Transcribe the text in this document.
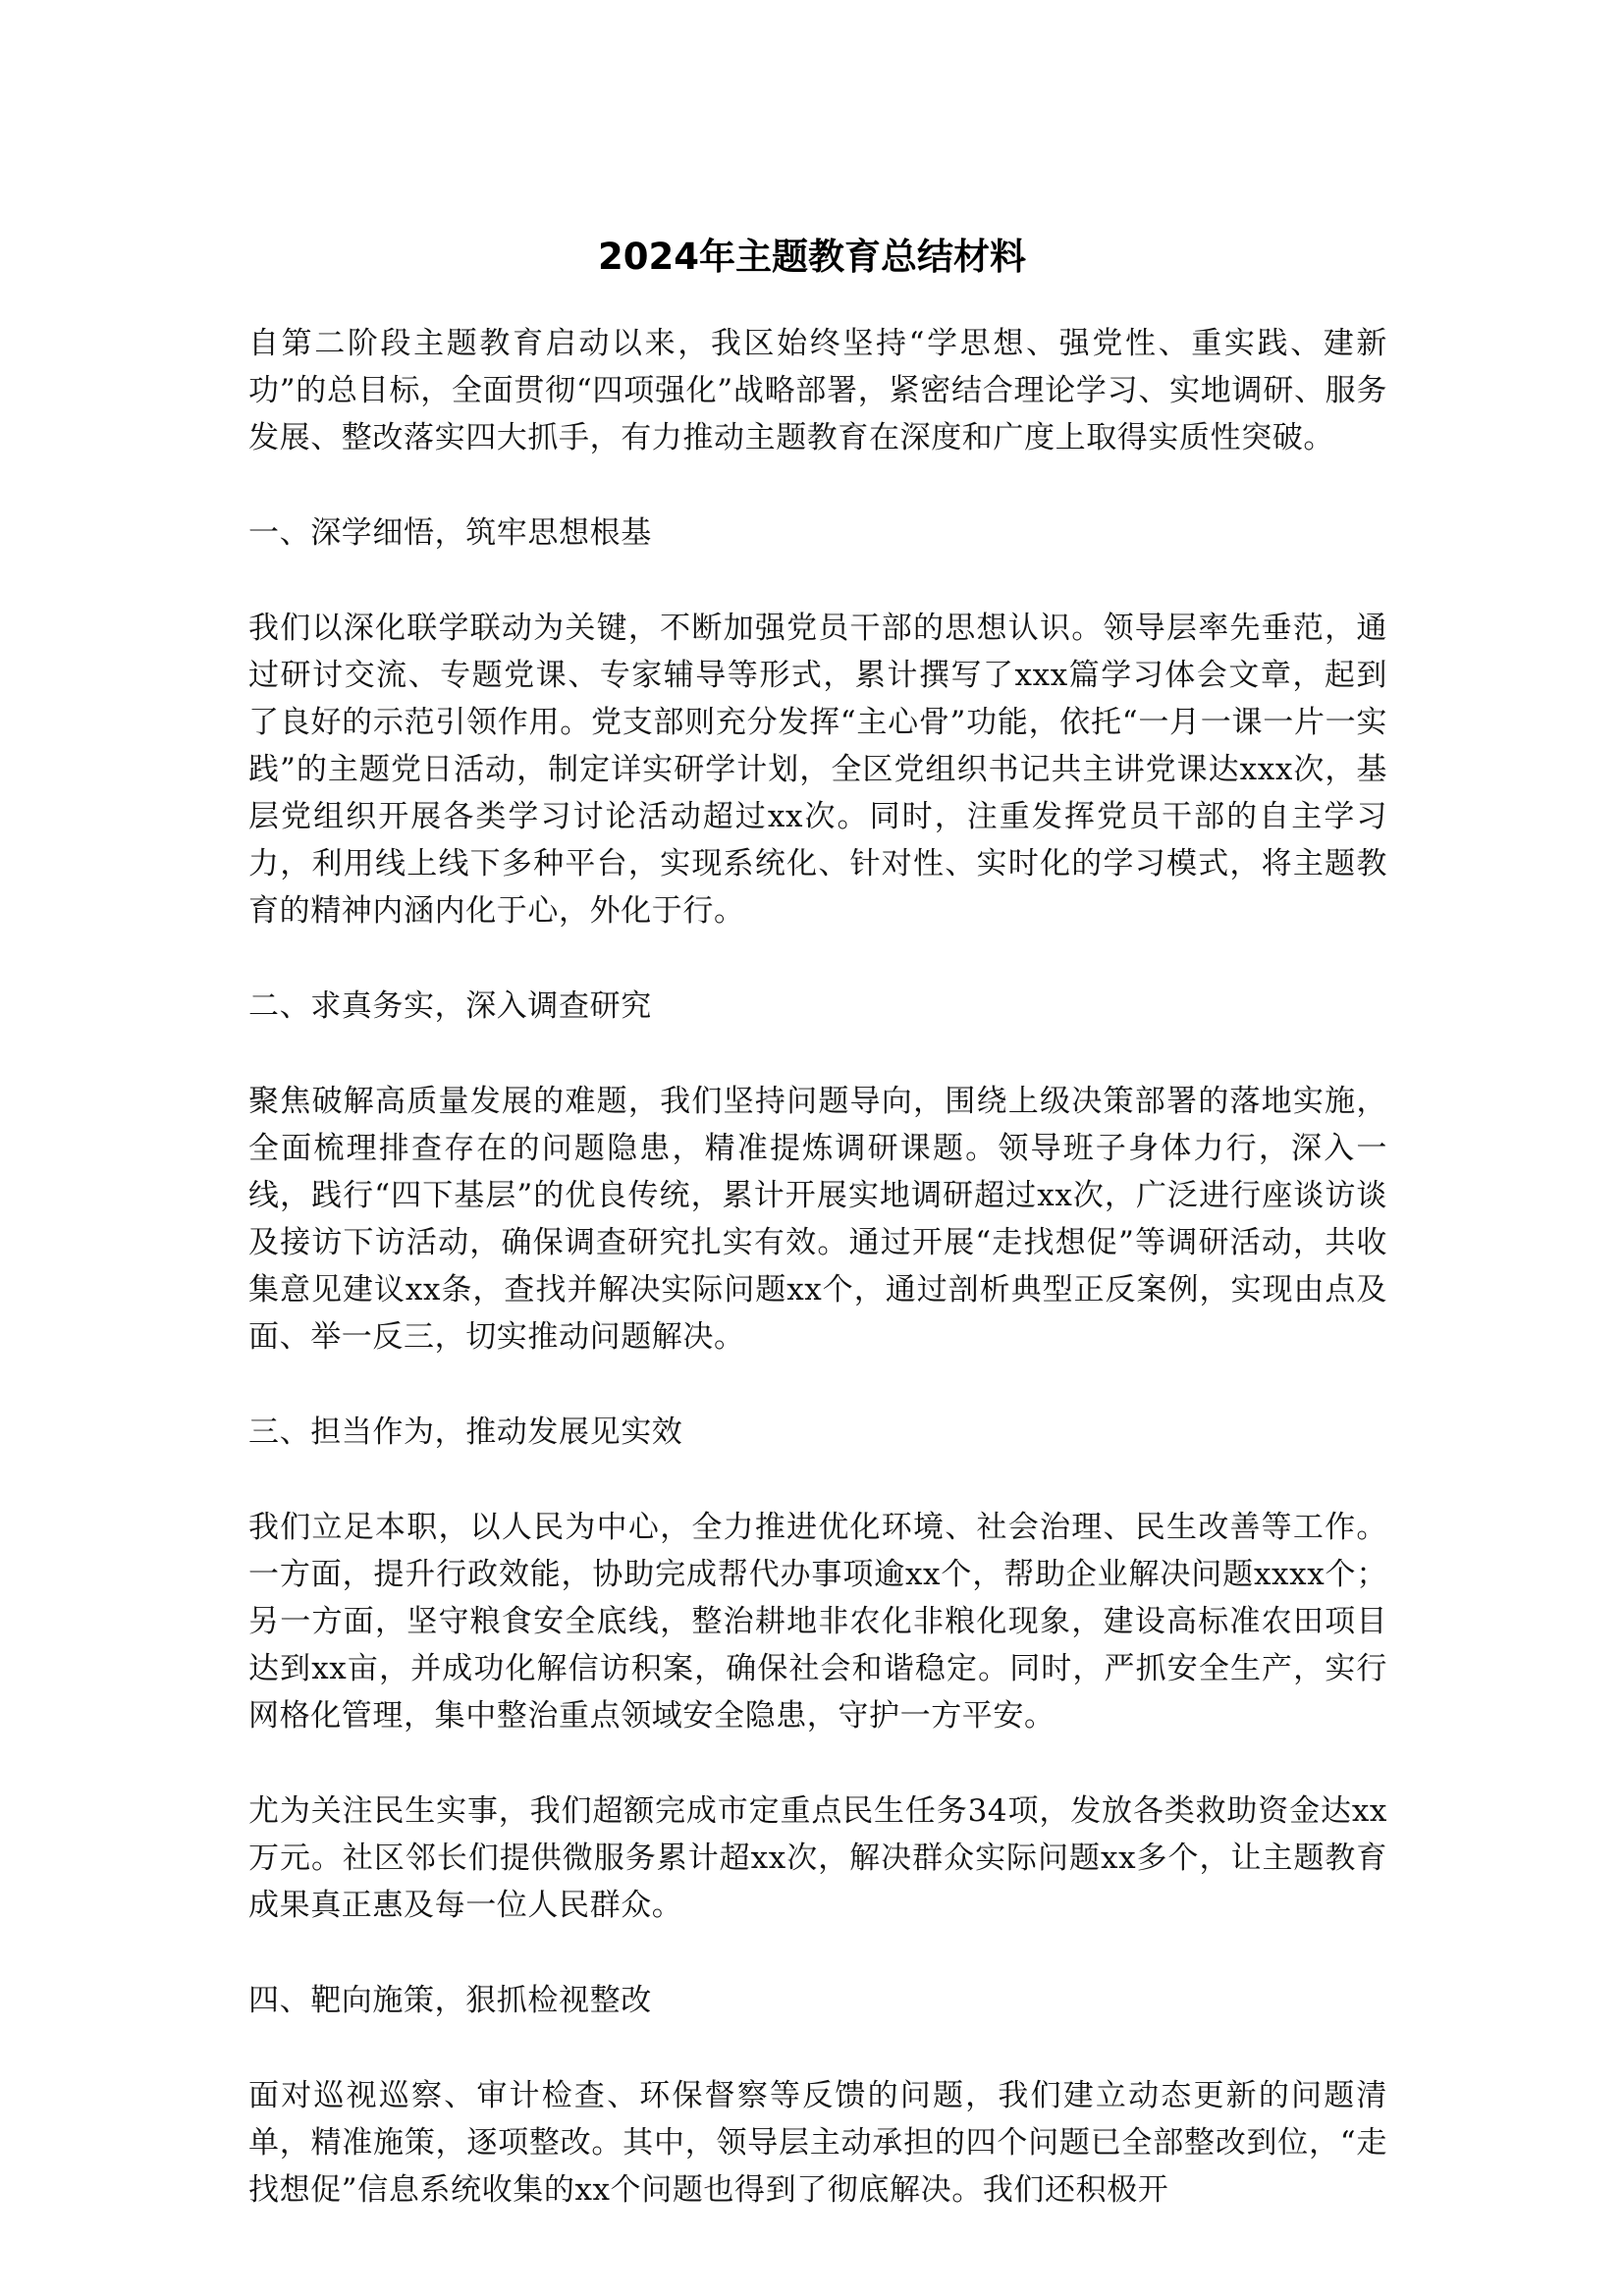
2024年主题教育总结材料

自第二阶段主题教育启动以来，我区始终坚持“学思想、强党性、重实践、建新功”的总目标，全面贯彻“四项强化”战略部署，紧密结合理论学习、实地调研、服务发展、整改落实四大抓手，有力推动主题教育在深度和广度上取得实质性突破。

一、深学细悟，筑牢思想根基

我们以深化联学联动为关键，不断加强党员干部的思想认识。领导层率先垂范，通过研讨交流、专题党课、专家辅导等形式，累计撰写了xxx篇学习体会文章，起到了良好的示范引领作用。党支部则充分发挥“主心骨”功能，依托“一月一课一片一实践”的主题党日活动，制定详实研学计划，全区党组织书记共主讲党课达xxx次，基层党组织开展各类学习讨论活动超过xx次。同时，注重发挥党员干部的自主学习力，利用线上线下多种平台，实现系统化、针对性、实时化的学习模式，将主题教育的精神内涵内化于心，外化于行。

二、求真务实，深入调查研究

聚焦破解高质量发展的难题，我们坚持问题导向，围绕上级决策部署的落地实施，全面梳理排查存在的问题隐患，精准提炼调研课题。领导班子身体力行，深入一线，践行“四下基层”的优良传统，累计开展实地调研超过xx次，广泛进行座谈访谈及接访下访活动，确保调查研究扎实有效。通过开展“走找想促”等调研活动，共收集意见建议xx条，查找并解决实际问题xx个，通过剖析典型正反案例，实现由点及面、举一反三，切实推动问题解决。

三、担当作为，推动发展见实效

我们立足本职，以人民为中心，全力推进优化环境、社会治理、民生改善等工作。一方面，提升行政效能，协助完成帮代办事项逾xx个，帮助企业解决问题xxxx个；另一方面，坚守粮食安全底线，整治耕地非农化非粮化现象，建设高标准农田项目达到xx亩，并成功化解信访积案，确保社会和谐稳定。同时，严抓安全生产，实行网格化管理，集中整治重点领域安全隐患，守护一方平安。

尤为关注民生实事，我们超额完成市定重点民生任务34项，发放各类救助资金达xx万元。社区邻长们提供微服务累计超xx次，解决群众实际问题xx多个，让主题教育成果真正惠及每一位人民群众。

四、靶向施策，狠抓检视整改

面对巡视巡察、审计检查、环保督察等反馈的问题，我们建立动态更新的问题清单，精准施策，逐项整改。其中，领导层主动承担的四个问题已全部整改到位，“走找想促”信息系统收集的xx个问题也得到了彻底解决。我们还积极开
